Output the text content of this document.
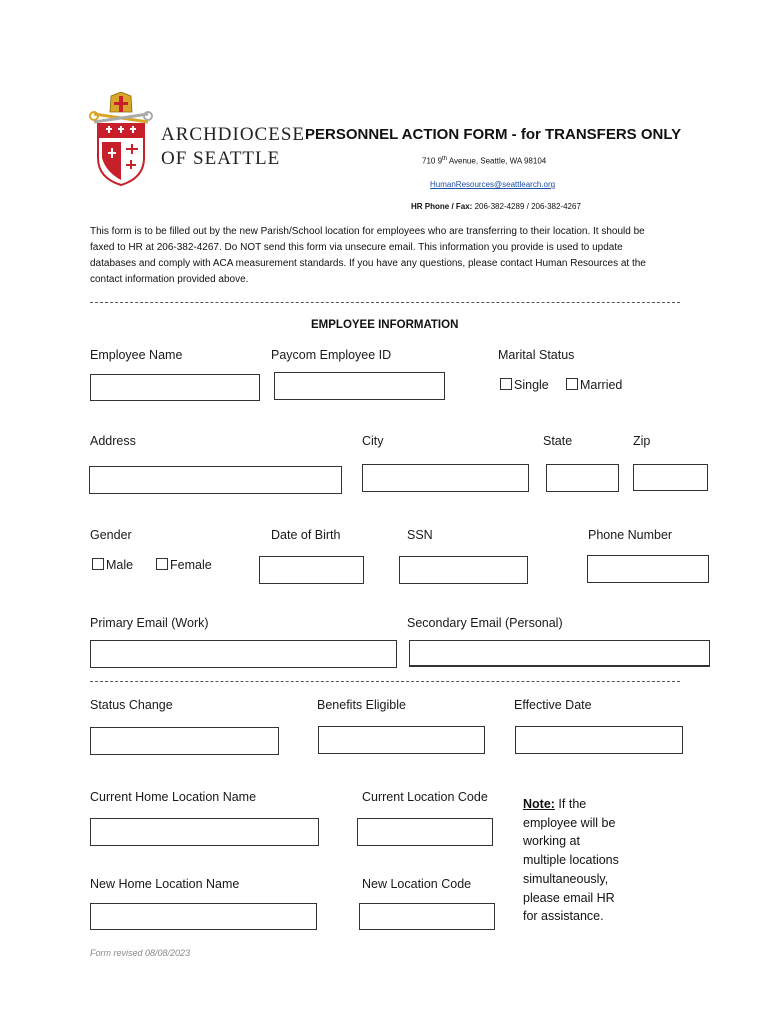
ARCHDIOCESE
OF SEATTLE
PERSONNEL ACTION FORM - for TRANSFERS ONLY
710 9th Avenue, Seattle, WA 98104
HumanResources@seattlearch.org
HR Phone / Fax: 206-382-4289 / 206-382-4267
This form is to be filled out by the new Parish/School location for employees who are transferring to their location. It should be
faxed to HR at 206-382-4267. Do NOT send this form via unsecure email. This information you provide is used to update
databases and comply with ACA measurement standards. If you have any questions, please contact Human Resources at the
contact information provided above.
EMPLOYEE INFORMATION
Employee Name	Paycom Employee ID	Marital Status
Single	Married
Address	City	State	Zip
Gender	Date of Birth	SSN	Phone Number
Male	Female
Primary Email (Work)	Secondary Email (Personal)
Status Change	Benefits Eligible	Effective Date
Current Home Location Name	Current Location Code
New Home Location Name	New Location Code
Note: If the
employee will be
working at
multiple locations
simultaneously,
please email HR
for assistance.
Form revised 08/08/2023
